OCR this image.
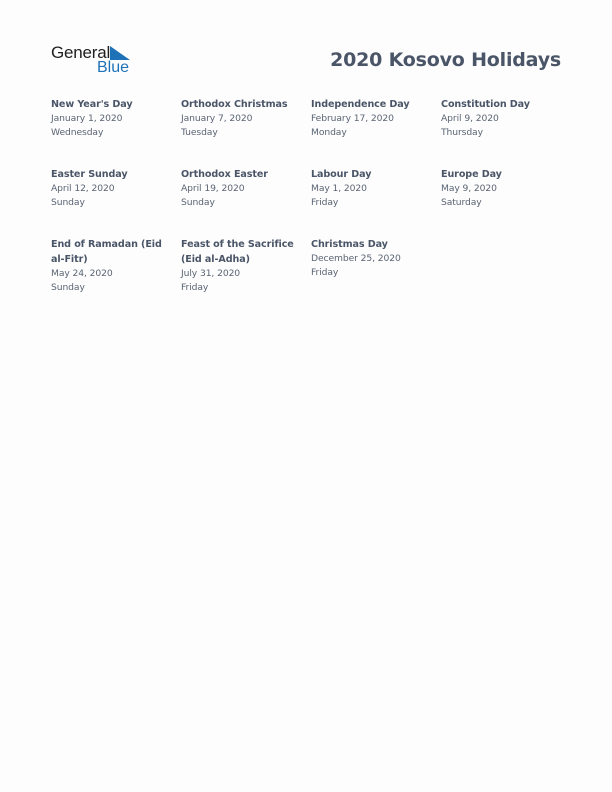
General
Blue	2020 Kosovo Holidays
New Year's Day
January 1, 2020
Wednesday
Orthodox Christmas
January 7, 2020
Tuesday
Independence Day
February 17, 2020
Monday
Constitution Day
April 9, 2020
Thursday
Easter Sunday
April 12, 2020
Sunday
Orthodox Easter
April 19, 2020
Sunday
Labour Day
May 1, 2020
Friday
Europe Day
May 9, 2020
Saturday
End of Ramadan (Eid al-Fitr)
May 24, 2020
Sunday
Feast of the Sacrifice (Eid al-Adha)
July 31, 2020
Friday
Christmas Day
December 25, 2020
Friday
